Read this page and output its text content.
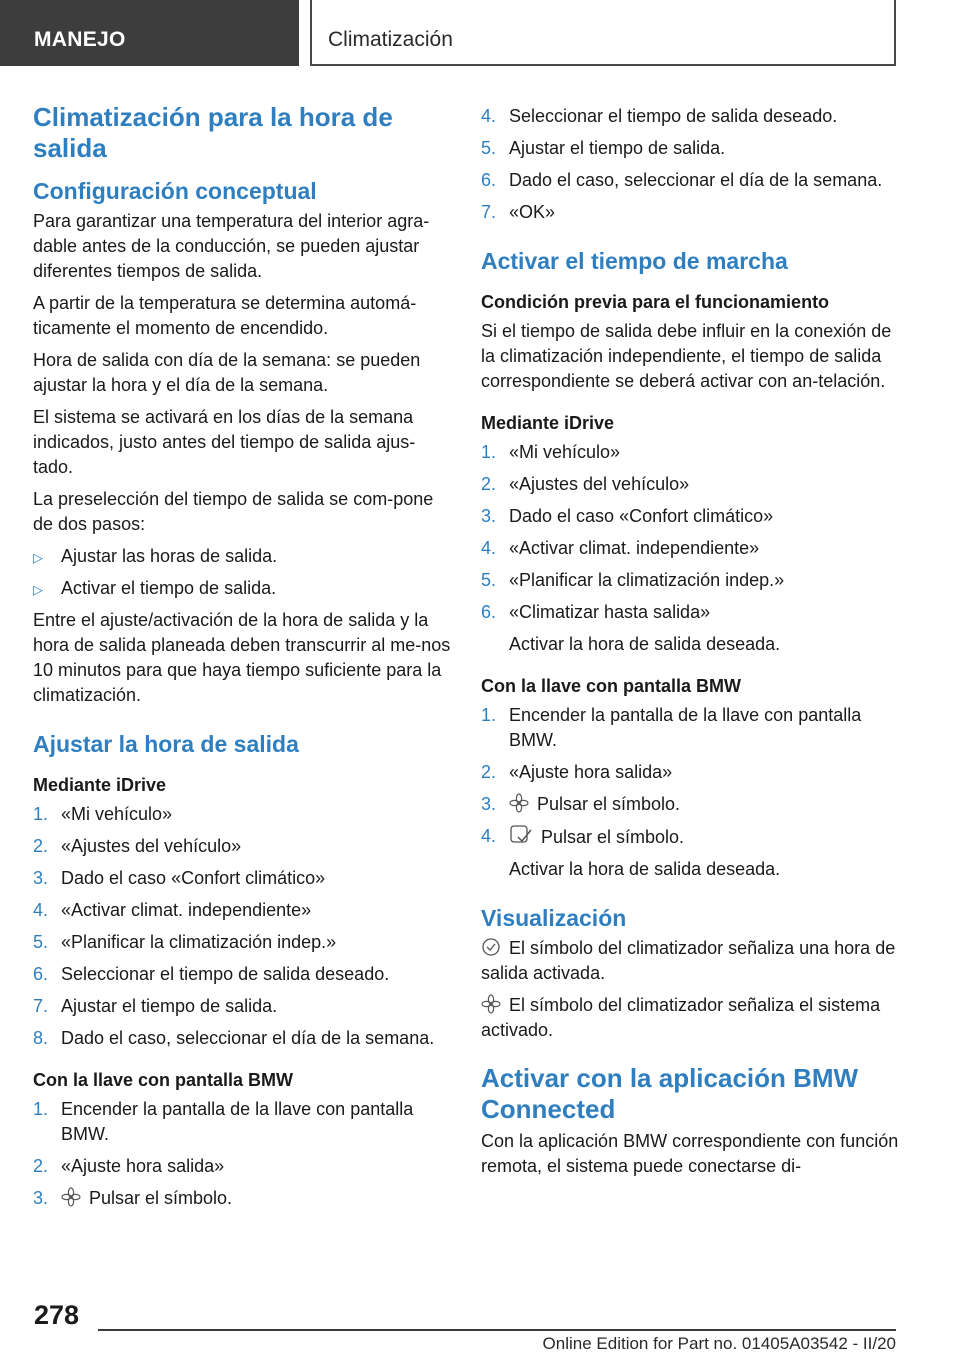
MANEJO	Climatización
Climatización para la hora de salida
Configuración conceptual

Para garantizar una temperatura del interior agra-dable antes de la conducción, se pueden ajustar diferentes tiempos de salida.

A partir de la temperatura se determina automá-ticamente el momento de encendido.

Hora de salida con día de la semana: se pueden ajustar la hora y el día de la semana.

El sistema se activará en los días de la semana indicados, justo antes del tiempo de salida ajus-tado.

La preselección del tiempo de salida se com-pone de dos pasos:

▷ Ajustar las horas de salida.
▷ Activar el tiempo de salida.

Entre el ajuste/activación de la hora de salida y la hora de salida planeada deben transcurrir al me-nos 10 minutos para que haya tiempo suficiente para la climatización.

Ajustar la hora de salida
Mediante iDrive
1. «Mi vehículo»
2. «Ajustes del vehículo»
3. Dado el caso «Confort climático»
4. «Activar climat. independiente»
5. «Planificar la climatización indep.»
6. Seleccionar el tiempo de salida deseado.
7. Ajustar el tiempo de salida.
8. Dado el caso, seleccionar el día de la semana.
Con la llave con pantalla BMW
1. Encender la pantalla de la llave con pantalla BMW.
2. «Ajuste hora salida»
3. Pulsar el símbolo.
4. Seleccionar el tiempo de salida deseado.
5. Ajustar el tiempo de salida.
6. Dado el caso, seleccionar el día de la semana.
7. «OK»
Activar el tiempo de marcha
Condición previa para el funcionamiento

Si el tiempo de salida debe influir en la conexión de la climatización independiente, el tiempo de salida correspondiente se deberá activar con an-telación.

Mediante iDrive
1. «Mi vehículo»
2. «Ajustes del vehículo»
3. Dado el caso «Confort climático»
4. «Activar climat. independiente»
5. «Planificar la climatización indep.»
6. «Climatizar hasta salida»
Activar la hora de salida deseada.
Con la llave con pantalla BMW
1. Encender la pantalla de la llave con pantalla BMW.
2. «Ajuste hora salida»
3. Pulsar el símbolo.
4. Pulsar el símbolo.
Activar la hora de salida deseada.
Visualización

El símbolo del climatizador señaliza una hora de salida activada.

El símbolo del climatizador señaliza el sistema activado.

Activar con la aplicación BMW Connected

Con la aplicación BMW correspondiente con función remota, el sistema puede conectarse di-

278
Online Edition for Part no. 01405A03542 - II/20
